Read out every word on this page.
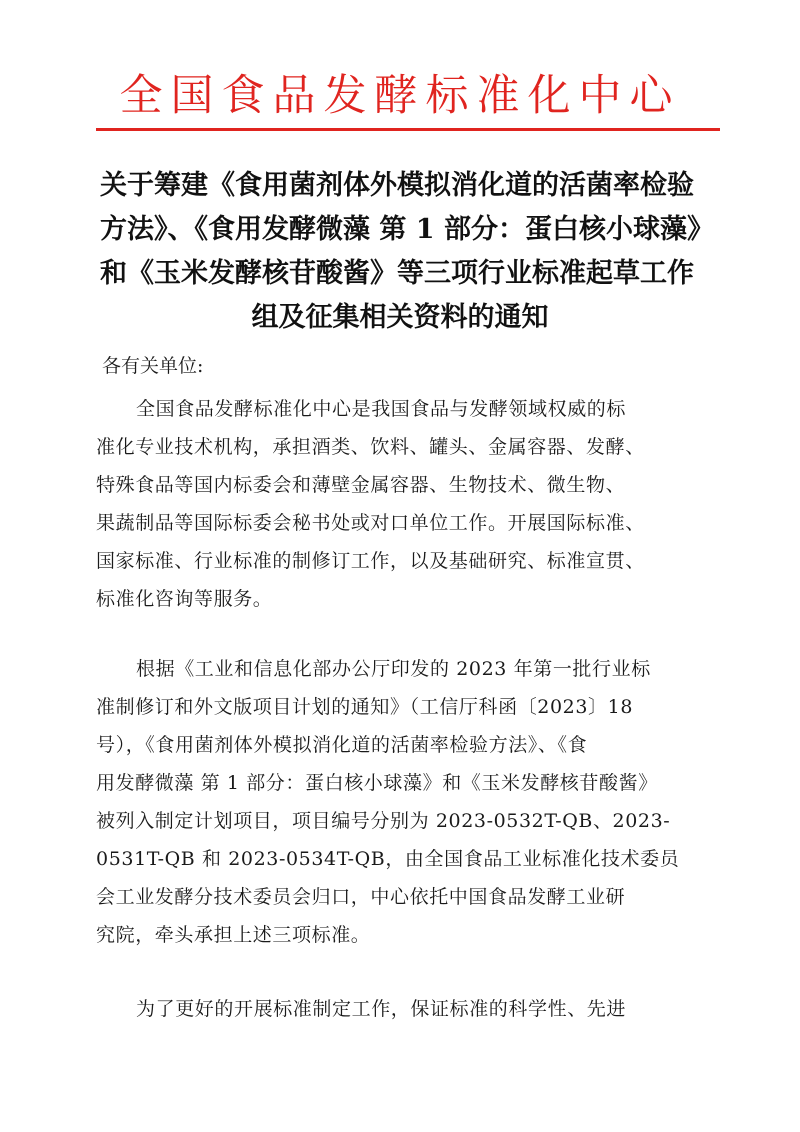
全国食品发酵标准化中心
关于筹建《食用菌剂体外模拟消化道的活菌率检验
方法》、《食用发酵微藻 第 1 部分：蛋白核小球藻》
和《玉米发酵核苷酸酱》等三项行业标准起草工作
组及征集相关资料的通知
各有关单位:
全国食品发酵标准化中心是我国食品与发酵领域权威的标
准化专业技术机构，承担酒类、饮料、罐头、金属容器、发酵、
特殊食品等国内标委会和薄壁金属容器、生物技术、微生物、
果蔬制品等国际标委会秘书处或对口单位工作。开展国际标准、
国家标准、行业标准的制修订工作，以及基础研究、标准宣贯、
标准化咨询等服务。
根据《工业和信息化部办公厅印发的 2023 年第一批行业标
准制修订和外文版项目计划的通知》（工信厅科函〔2023〕18
号），《食用菌剂体外模拟消化道的活菌率检验方法》、《食
用发酵微藻 第 1 部分：蛋白核小球藻》和《玉米发酵核苷酸酱》
被列入制定计划项目，项目编号分别为 2023-0532T-QB、2023-
0531T-QB 和 2023-0534T-QB，由全国食品工业标准化技术委员
会工业发酵分技术委员会归口，中心依托中国食品发酵工业研
究院，牵头承担上述三项标准。
为了更好的开展标准制定工作，保证标准的科学性、先进
